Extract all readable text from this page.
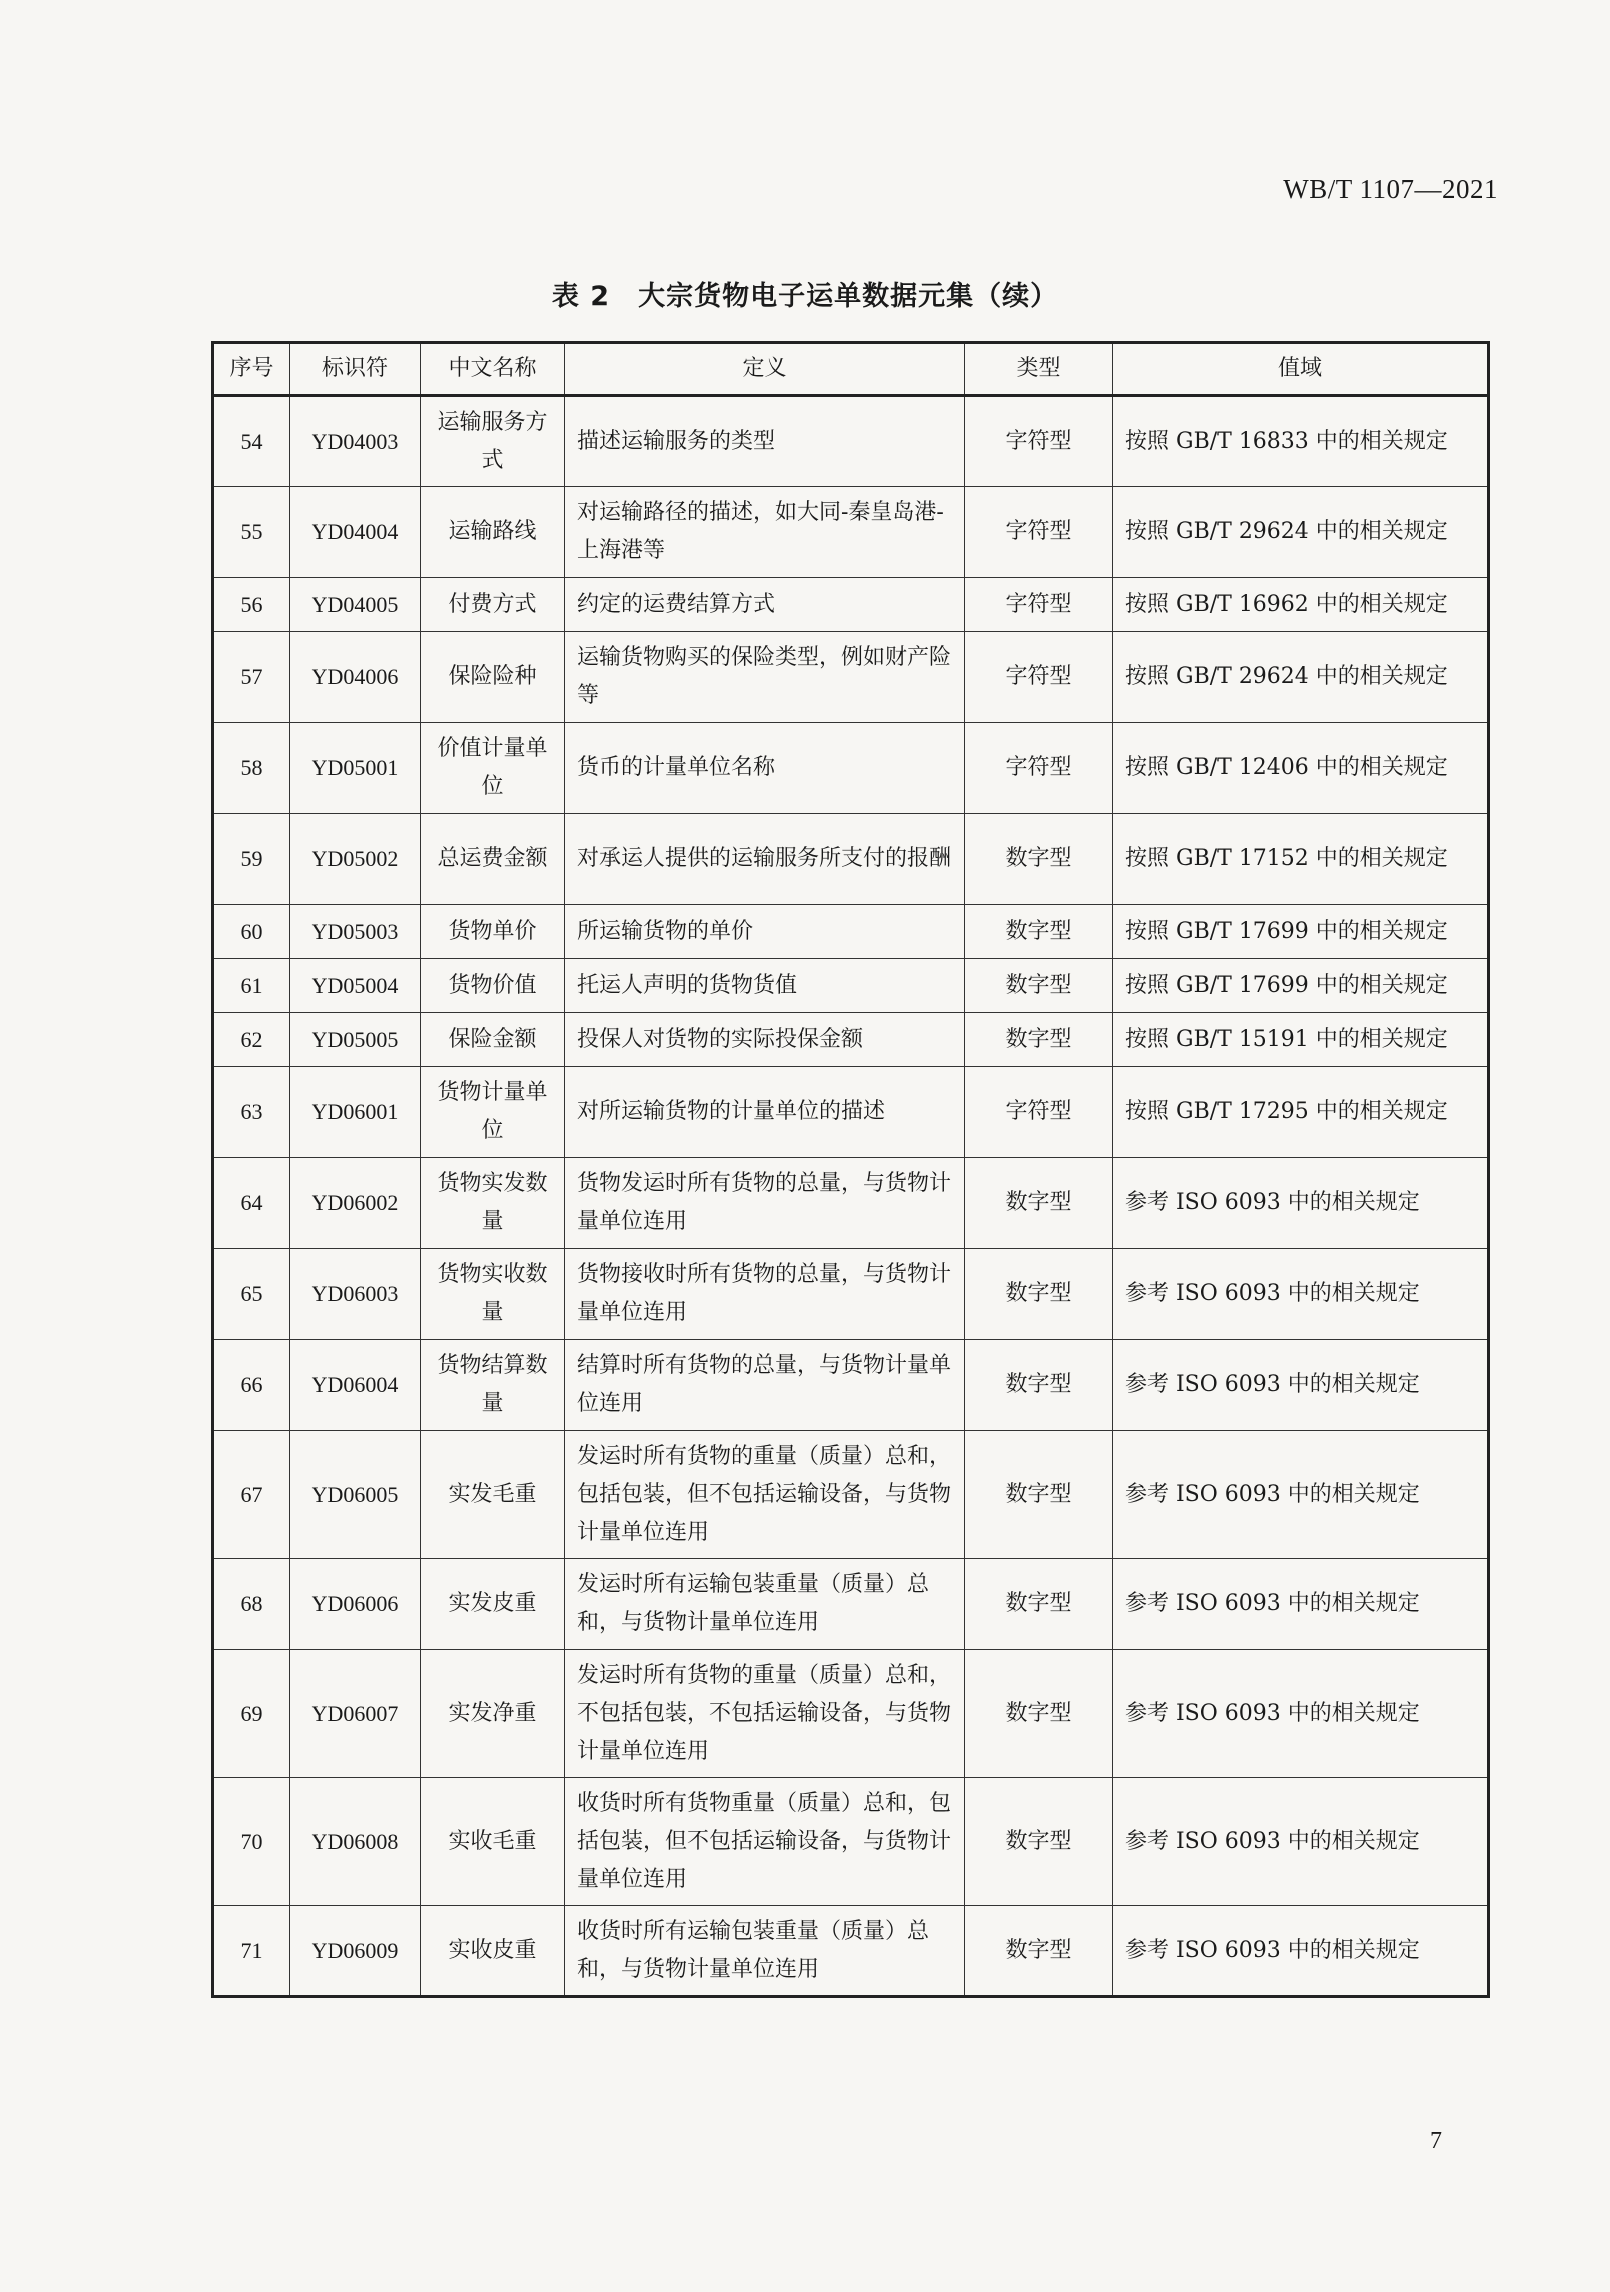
WB/T 1107—2021
表 2　大宗货物电子运单数据元集（续）
序号	标识符	中文名称	定义	类型	值域
54	YD04003	运输服务方式	描述运输服务的类型	字符型	按照 GB/T 16833 中的相关规定
55	YD04004	运输路线	对运输路径的描述，如大同-秦皇岛港-上海港等	字符型	按照 GB/T 29624 中的相关规定
56	YD04005	付费方式	约定的运费结算方式	字符型	按照 GB/T 16962 中的相关规定
57	YD04006	保险险种	运输货物购买的保险类型，例如财产险等	字符型	按照 GB/T 29624 中的相关规定
58	YD05001	价值计量单位	货币的计量单位名称	字符型	按照 GB/T 12406 中的相关规定
59	YD05002	总运费金额	对承运人提供的运输服务所支付的报酬	数字型	按照 GB/T 17152 中的相关规定
60	YD05003	货物单价	所运输货物的单价	数字型	按照 GB/T 17699 中的相关规定
61	YD05004	货物价值	托运人声明的货物货值	数字型	按照 GB/T 17699 中的相关规定
62	YD05005	保险金额	投保人对货物的实际投保金额	数字型	按照 GB/T 15191 中的相关规定
63	YD06001	货物计量单位	对所运输货物的计量单位的描述	字符型	按照 GB/T 17295 中的相关规定
64	YD06002	货物实发数量	货物发运时所有货物的总量，与货物计量单位连用	数字型	参考 ISO 6093 中的相关规定
65	YD06003	货物实收数量	货物接收时所有货物的总量，与货物计量单位连用	数字型	参考 ISO 6093 中的相关规定
66	YD06004	货物结算数量	结算时所有货物的总量，与货物计量单位连用	数字型	参考 ISO 6093 中的相关规定
67	YD06005	实发毛重	发运时所有货物的重量（质量）总和，包括包装，但不包括运输设备，与货物计量单位连用	数字型	参考 ISO 6093 中的相关规定
68	YD06006	实发皮重	发运时所有运输包装重量（质量）总和，与货物计量单位连用	数字型	参考 ISO 6093 中的相关规定
69	YD06007	实发净重	发运时所有货物的重量（质量）总和，不包括包装，不包括运输设备，与货物计量单位连用	数字型	参考 ISO 6093 中的相关规定
70	YD06008	实收毛重	收货时所有货物重量（质量）总和，包括包装，但不包括运输设备，与货物计量单位连用	数字型	参考 ISO 6093 中的相关规定
71	YD06009	实收皮重	收货时所有运输包装重量（质量）总和，与货物计量单位连用	数字型	参考 ISO 6093 中的相关规定
7
